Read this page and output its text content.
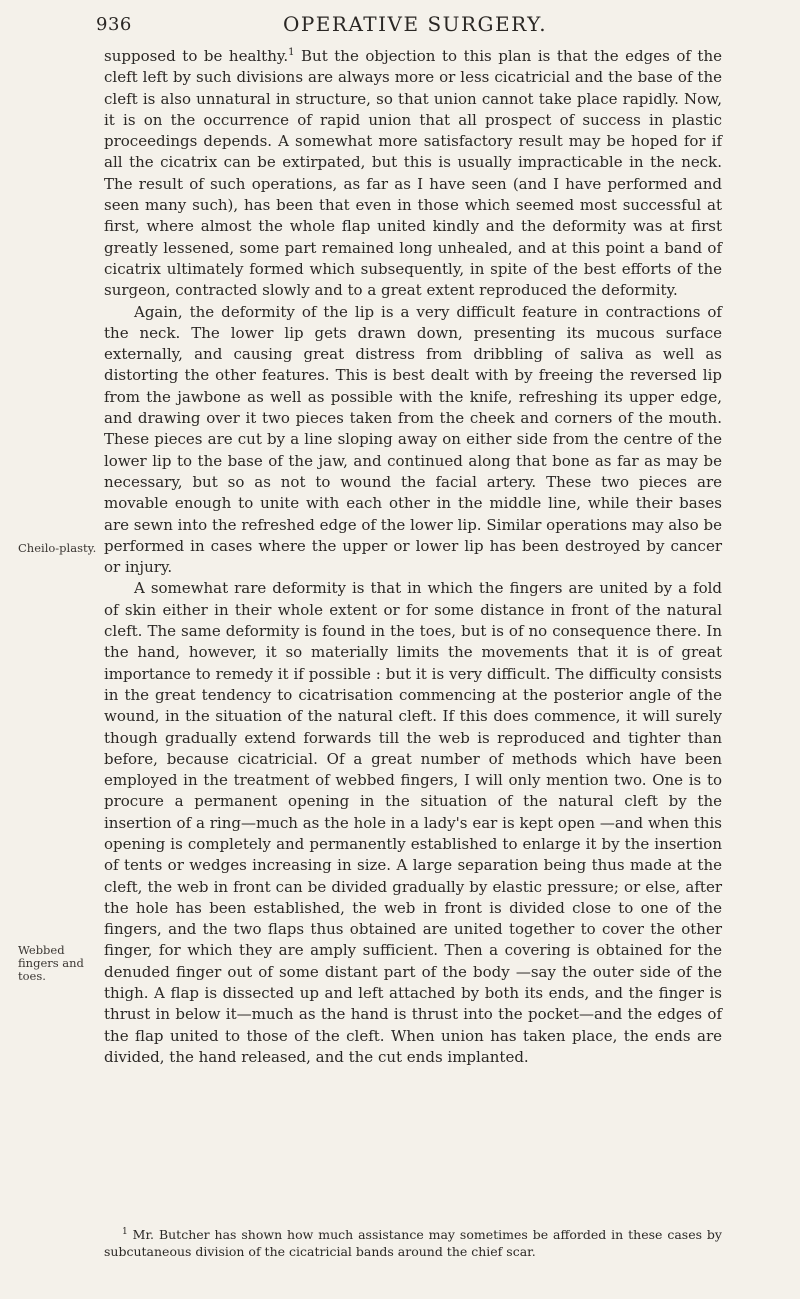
936	OPERATIVE SURGERY.
Cheilo-plasty.
Webbed fingers and toes.

supposed to be healthy.$^1$ But the objection to this plan is that the edges of the cleft left by such divisions are always more or less cicatricial and the base of the cleft is also unnatural in structure, so that union cannot take place rapidly. Now, it is on the occurrence of rapid union that all prospect of success in plastic proceedings depends. A somewhat more satisfactory result may be hoped for if all the cicatrix can be extirpated, but this is usually impracticable in the neck. The result of such operations, as far as I have seen (and I have performed and seen many such), has been that even in those which seemed most successful at first, where almost the whole flap united kindly and the deformity was at first greatly lessened, some part remained long unhealed, and at this point a band of cicatrix ultimately formed which subsequently, in spite of the best efforts of the surgeon, contracted slowly and to a great extent reproduced the deformity.

Again, the deformity of the lip is a very difficult feature in contractions of the neck. The lower lip gets drawn down, presenting its mucous surface externally, and causing great distress from dribbling of saliva as well as distorting the other features. This is best dealt with by freeing the reversed lip from the jawbone as well as possible with the knife, refreshing its upper edge, and drawing over it two pieces taken from the cheek and corners of the mouth. These pieces are cut by a line sloping away on either side from the centre of the lower lip to the base of the jaw, and continued along that bone as far as may be necessary, but so as not to wound the facial artery. These two pieces are movable enough to unite with each other in the middle line, while their bases are sewn into the refreshed edge of the lower lip. Similar operations may also be performed in cases where the upper or lower lip has been destroyed by cancer or injury.

A somewhat rare deformity is that in which the fingers are united by a fold of skin either in their whole extent or for some distance in front of the natural cleft. The same deformity is found in the toes, but is of no consequence there. In the hand, however, it so materially limits the movements that it is of great importance to remedy it if possible : but it is very difficult. The difficulty consists in the great tendency to cicatrisation commencing at the posterior angle of the wound, in the situation of the natural cleft. If this does commence, it will surely though gradually extend forwards till the web is reproduced and tighter than before, because cicatricial. Of a great number of methods which have been employed in the treatment of webbed fingers, I will only mention two. One is to procure a permanent opening in the situation of the natural cleft by the insertion of a ring—much as the hole in a lady's ear is kept open —and when this opening is completely and permanently established to enlarge it by the insertion of tents or wedges increasing in size. A large separation being thus made at the cleft, the web in front can be divided gradually by elastic pressure; or else, after the hole has been established, the web in front is divided close to one of the fingers, and the two flaps thus obtained are united together to cover the other finger, for which they are amply sufficient. Then a covering is obtained for the denuded finger out of some distant part of the body —say the outer side of the thigh. A flap is dissected up and left attached by both its ends, and the finger is thrust in below it—much as the hand is thrust into the pocket—and the edges of the flap united to those of the cleft. When union has taken place, the ends are divided, the hand released, and the cut ends implanted.

$^1$ Mr. Butcher has shown how much assistance may sometimes be afforded in these cases by subcutaneous division of the cicatricial bands around the chief scar.
